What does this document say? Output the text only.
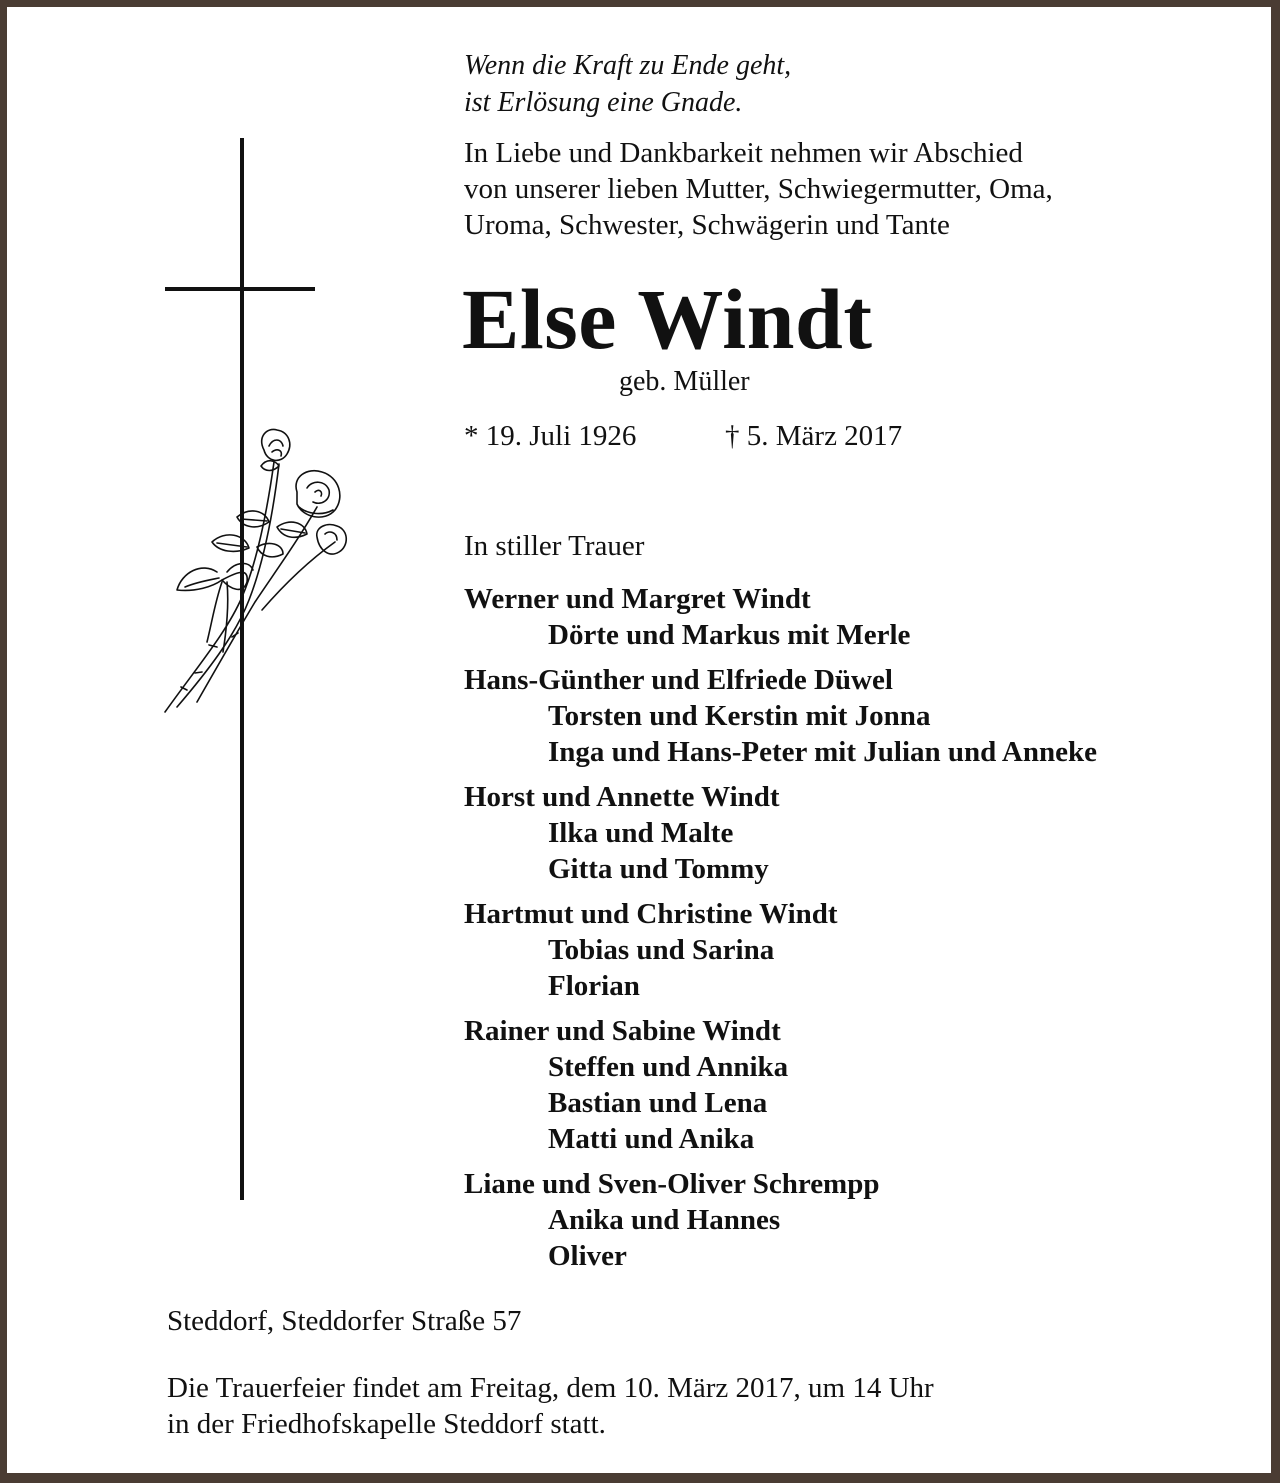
Wenn die Kraft zu Ende geht,
ist Erlösung eine Gnade.

In Liebe und Dankbarkeit nehmen wir Abschied
von unserer lieben Mutter, Schwiegermutter, Oma,
Uroma, Schwester, Schwägerin und Tante

Else Windt
geb. Müller
* 19. Juli 1926	† 5. März 2017
In stiller Trauer
Werner und Margret Windt
Dörte und Markus mit Merle
Hans-Günther und Elfriede Düwel
Torsten und Kerstin mit Jonna
Inga und Hans-Peter mit Julian und Anneke
Horst und Annette Windt
Ilka und Malte
Gitta und Tommy
Hartmut und Christine Windt
Tobias und Sarina
Florian
Rainer und Sabine Windt
Steffen und Annika
Bastian und Lena
Matti und Anika
Liane und Sven-Oliver Schrempp
Anika und Hannes
Oliver
Steddorf, Steddorfer Straße 57

Die Trauerfeier findet am Freitag, dem 10. März 2017, um 14 Uhr
in der Friedhofskapelle Steddorf statt.
